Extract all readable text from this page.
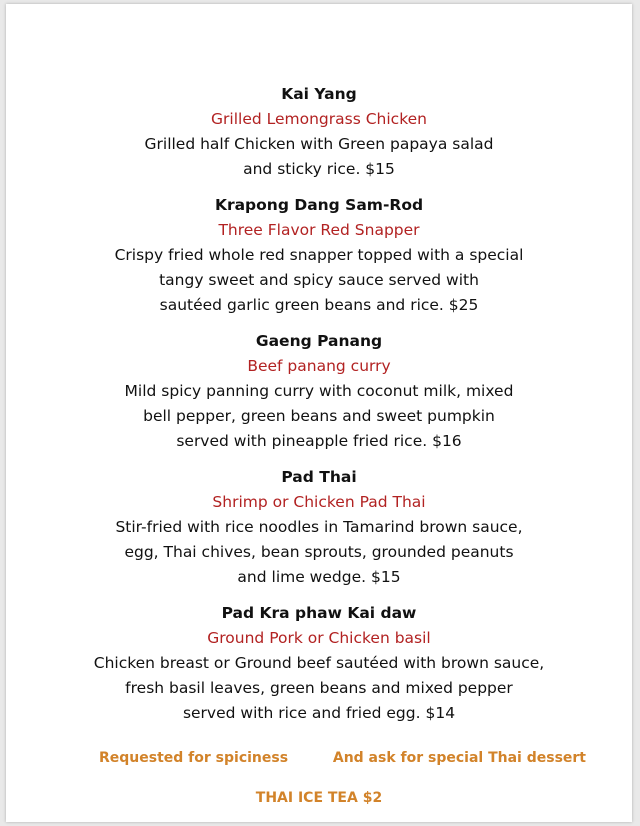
Kai Yang
Grilled Lemongrass Chicken
Grilled half Chicken with Green papaya salad
and sticky rice. $15
Krapong Dang Sam-Rod
Three Flavor Red Snapper
Crispy fried whole red snapper topped with a special
tangy sweet and spicy sauce served with
sautéed garlic green beans and rice. $25
Gaeng Panang
Beef panang curry
Mild spicy panning curry with coconut milk, mixed
bell pepper, green beans and sweet pumpkin
served with pineapple fried rice. $16
Pad Thai
Shrimp or Chicken Pad Thai
Stir-fried with rice noodles in Tamarind brown sauce,
egg, Thai chives, bean sprouts, grounded peanuts
and lime wedge. $15
Pad Kra phaw Kai daw
Ground Pork or Chicken basil
Chicken breast or Ground beef sautéed with brown sauce,
fresh basil leaves, green beans and mixed pepper
served with rice and fried egg. $14
Requested for spiciness	And ask for special Thai dessert
THAI ICE TEA $2
